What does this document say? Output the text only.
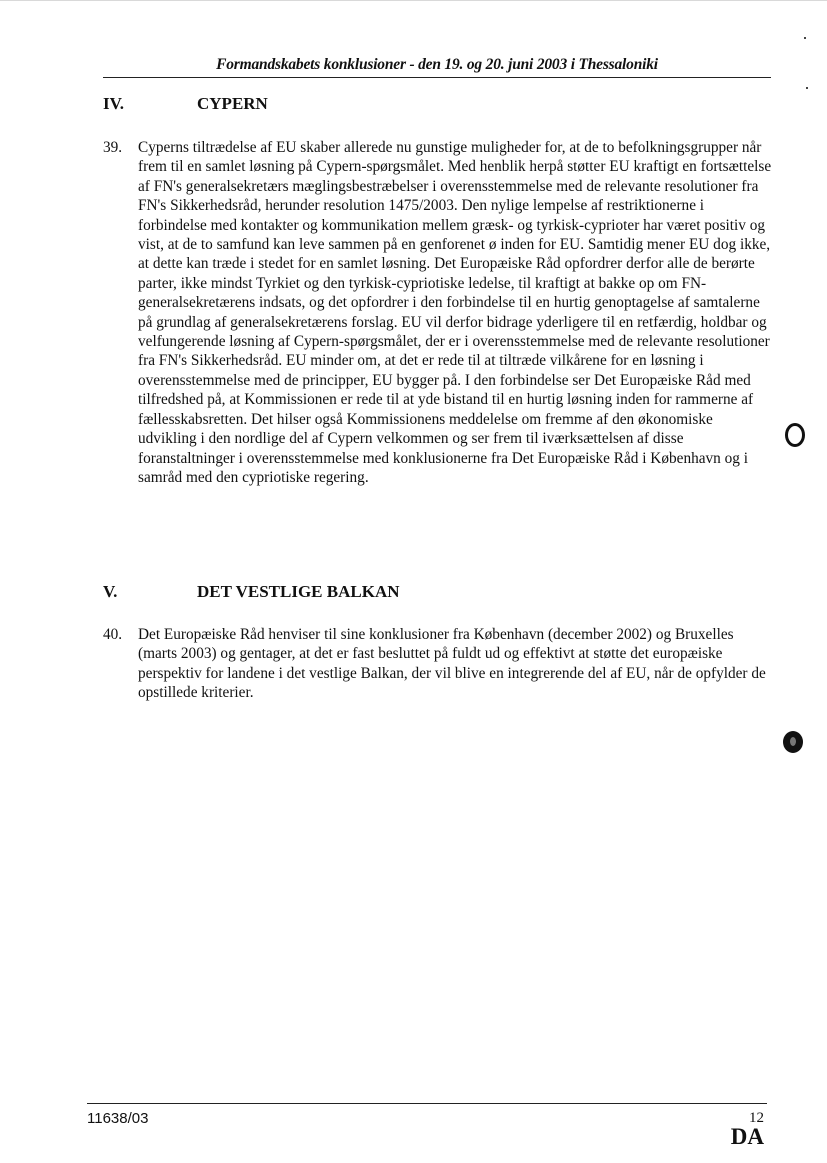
Formandskabets konklusioner - den 19. og 20. juni 2003 i Thessaloniki
IV.	CYPERN
39. Cyperns tiltrædelse af EU skaber allerede nu gunstige muligheder for, at de to befolkningsgrupper når frem til en samlet løsning på Cypern-spørgsmålet. Med henblik herpå støtter EU kraftigt en fortsættelse af FN's generalsekretærs mæglingsbestræbelser i overensstemmelse med de relevante resolutioner fra FN's Sikkerhedsråd, herunder resolution 1475/2003. Den nylige lempelse af restriktionerne i forbindelse med kontakter og kommunikation mellem græsk- og tyrkisk-cyprioter har været positiv og vist, at de to samfund kan leve sammen på en genforenet ø inden for EU. Samtidig mener EU dog ikke, at dette kan træde i stedet for en samlet løsning. Det Europæiske Råd opfordrer derfor alle de berørte parter, ikke mindst Tyrkiet og den tyrkisk-cypriotiske ledelse, til kraftigt at bakke op om FN-generalsekretærens indsats, og det opfordrer i den forbindelse til en hurtig genoptagelse af samtalerne på grundlag af generalsekretærens forslag. EU vil derfor bidrage yderligere til en retfærdig, holdbar og velfungerende løsning af Cypern-spørgsmålet, der er i overensstemmelse med de relevante resolutioner fra FN's Sikkerhedsråd. EU minder om, at det er rede til at tiltræde vilkårene for en løsning i overensstemmelse med de principper, EU bygger på. I den forbindelse ser Det Europæiske Råd med tilfredshed på, at Kommissionen er rede til at yde bistand til en hurtig løsning inden for rammerne af fællesskabsretten. Det hilser også Kommissionens meddelelse om fremme af den økonomiske udvikling i den nordlige del af Cypern velkommen og ser frem til iværksættelsen af disse foranstaltninger i overensstemmelse med konklusionerne fra Det Europæiske Råd i København og i samråd med den cypriotiske regering.
V.	DET VESTLIGE BALKAN
40. Det Europæiske Råd henviser til sine konklusioner fra København (december 2002) og Bruxelles (marts 2003) og gentager, at det er fast besluttet på fuldt ud og effektivt at støtte det europæiske perspektiv for landene i det vestlige Balkan, der vil blive en integrerende del af EU, når de opfylder de opstillede kriterier.
11638/03	12
DA
